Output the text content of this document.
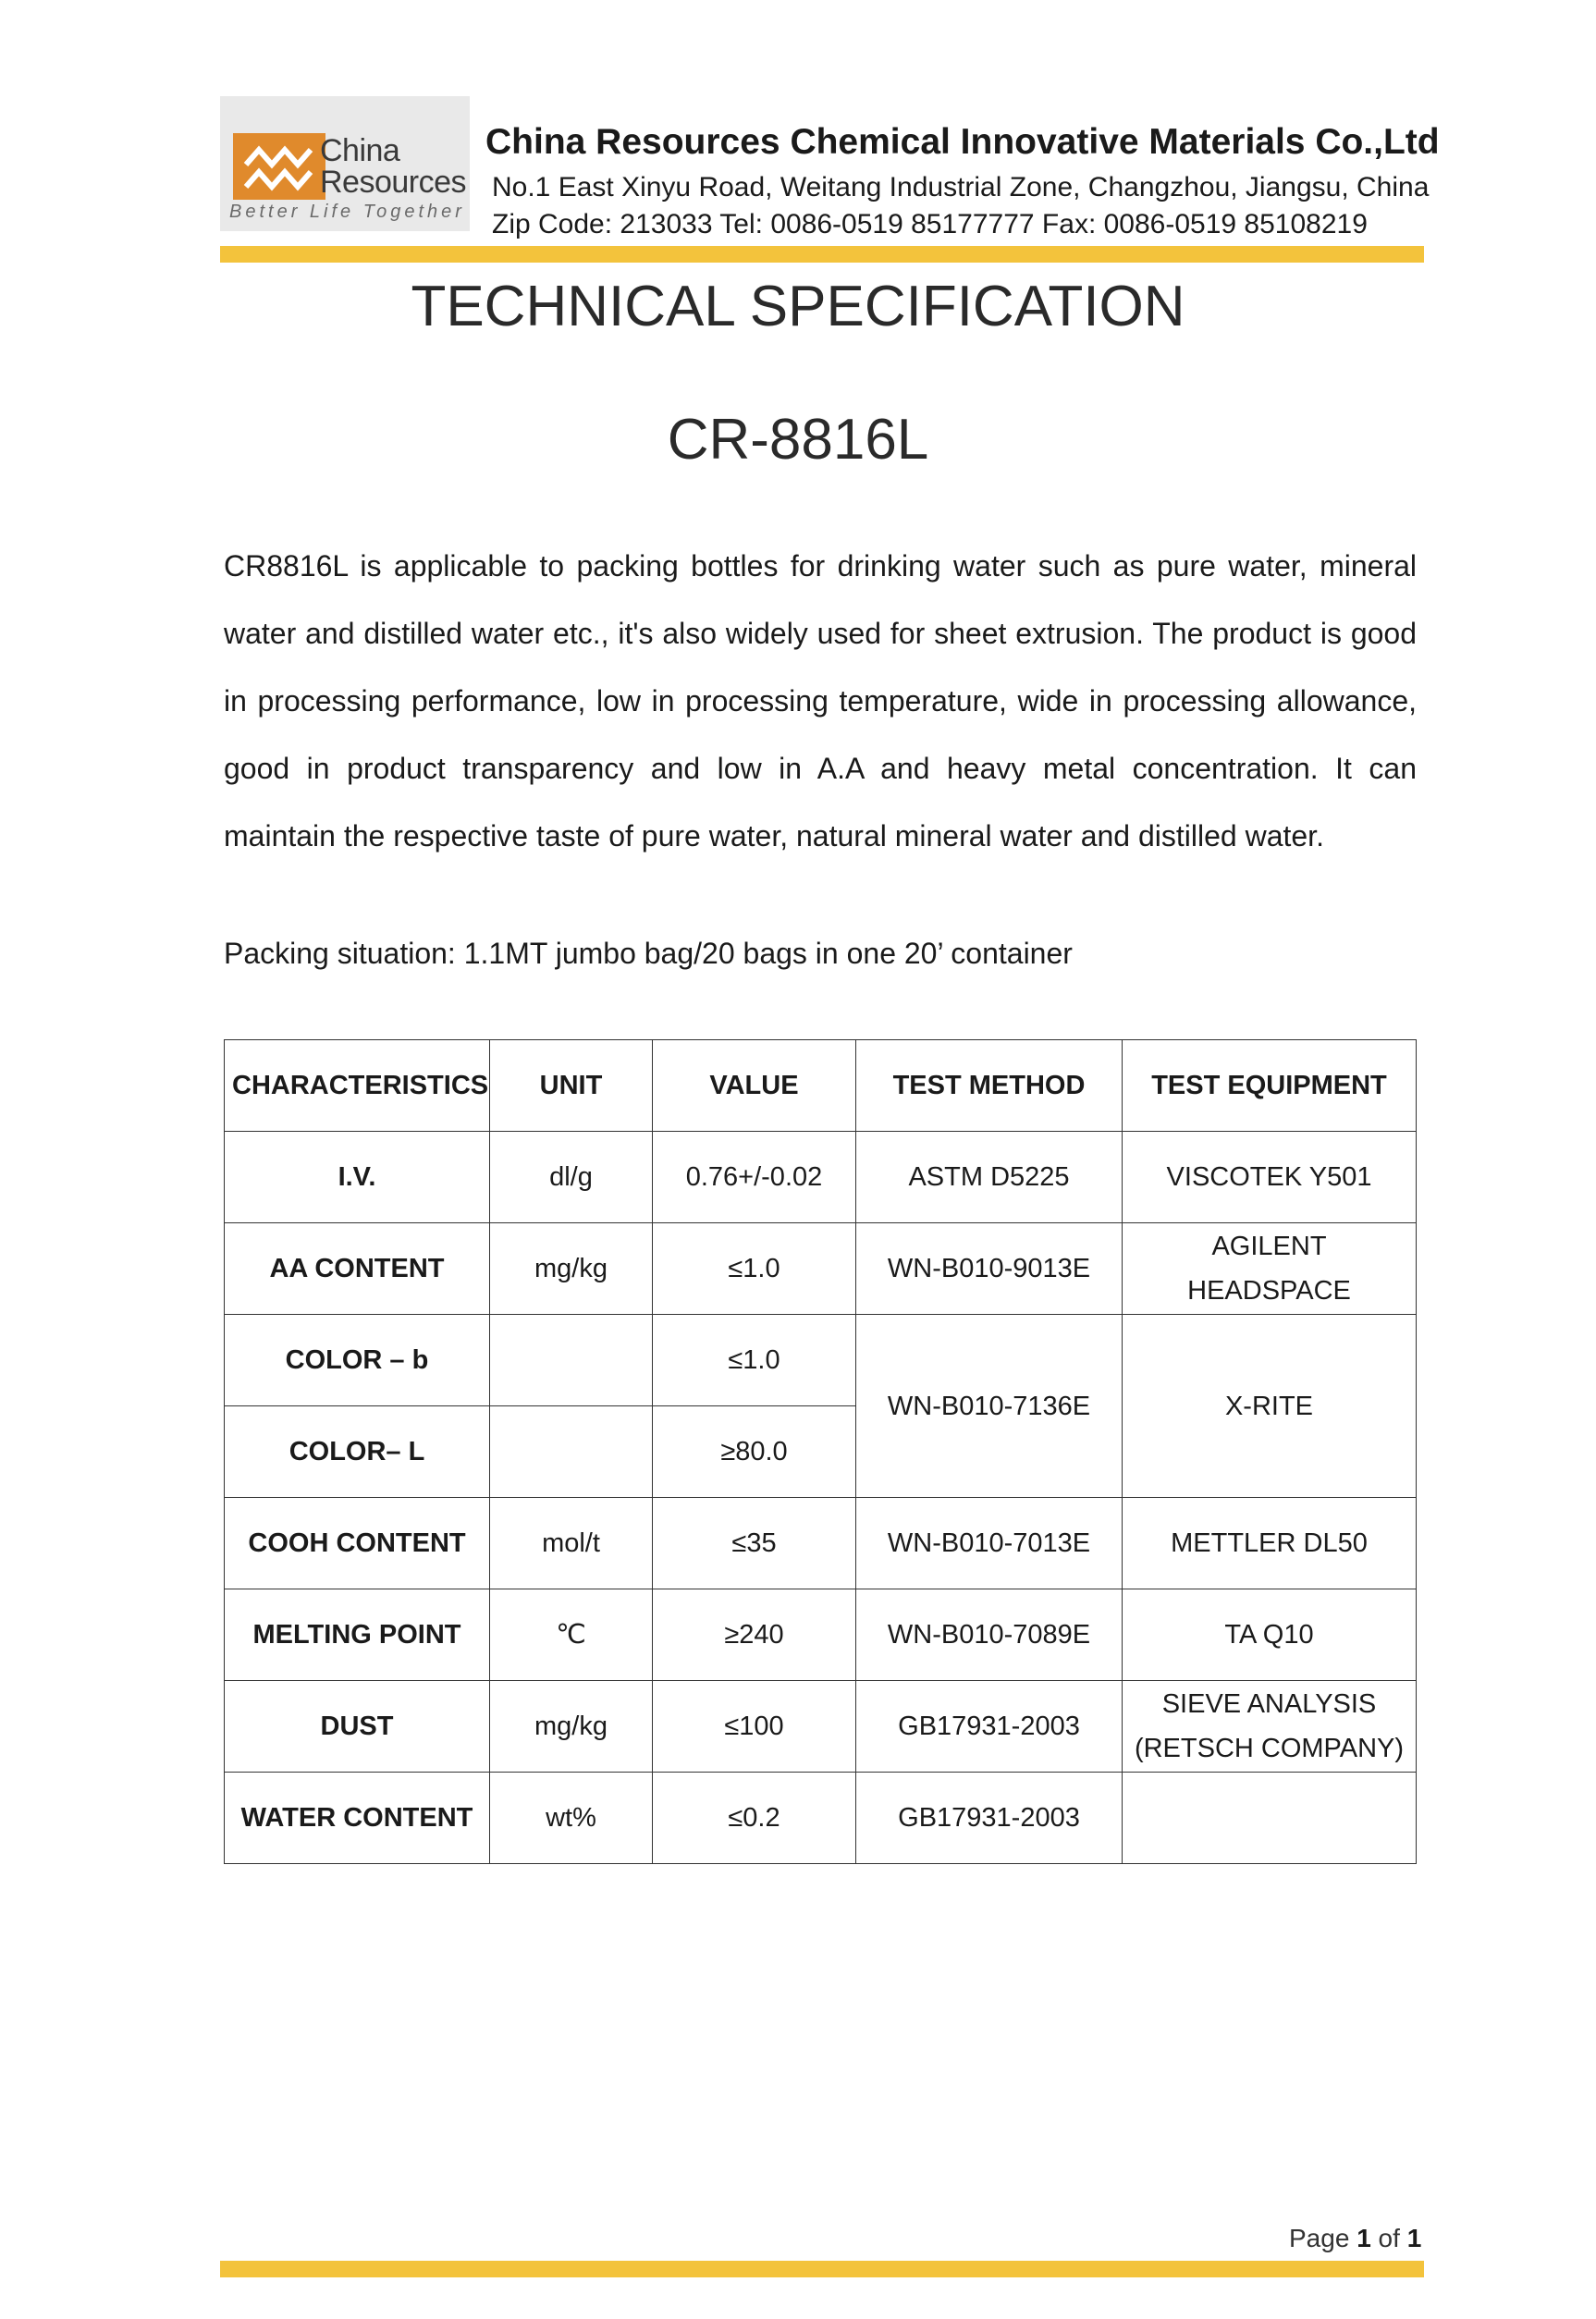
China
Resources
Better Life Together
China Resources Chemical Innovative Materials Co.,Ltd
No.1 East Xinyu Road, Weitang Industrial Zone, Changzhou, Jiangsu, China
Zip Code: 213033 Tel: 0086-0519 85177777 Fax: 0086-0519 85108219
TECHNICAL SPECIFICATION
CR-8816L

CR8816L is applicable to packing bottles for drinking water such as pure water, mineral water and distilled water etc., it's also widely used for sheet extrusion. The product is good in processing performance, low in processing temperature, wide in processing allowance, good in product transparency and low in A.A and heavy metal concentration. It can maintain the respective taste of pure water, natural mineral water and distilled water.

Packing situation: 1.1MT jumbo bag/20 bags in one 20’ container

CHARACTERISTICS	UNIT	VALUE	TEST METHOD	TEST EQUIPMENT
I.V.	dl/g	0.76+/-0.02	ASTM D5225	VISCOTEK Y501
AA CONTENT	mg/kg	≤1.0	WN-B010-9013E	AGILENT
HEADSPACE

COLOR – b		≤1.0	WN-B010-7136E	X-RITE
COLOR– L		≥80.0		
COOH CONTENT	mol/t	≤35	WN-B010-7013E	METTLER DL50
MELTING POINT	℃	≥240	WN-B010-7089E	TA Q10
DUST	mg/kg	≤100	GB17931-2003	SIEVE ANALYSIS
(RETSCH COMPANY)

WATER CONTENT	wt%	≤0.2	GB17931-2003	
Page 1 of 1
